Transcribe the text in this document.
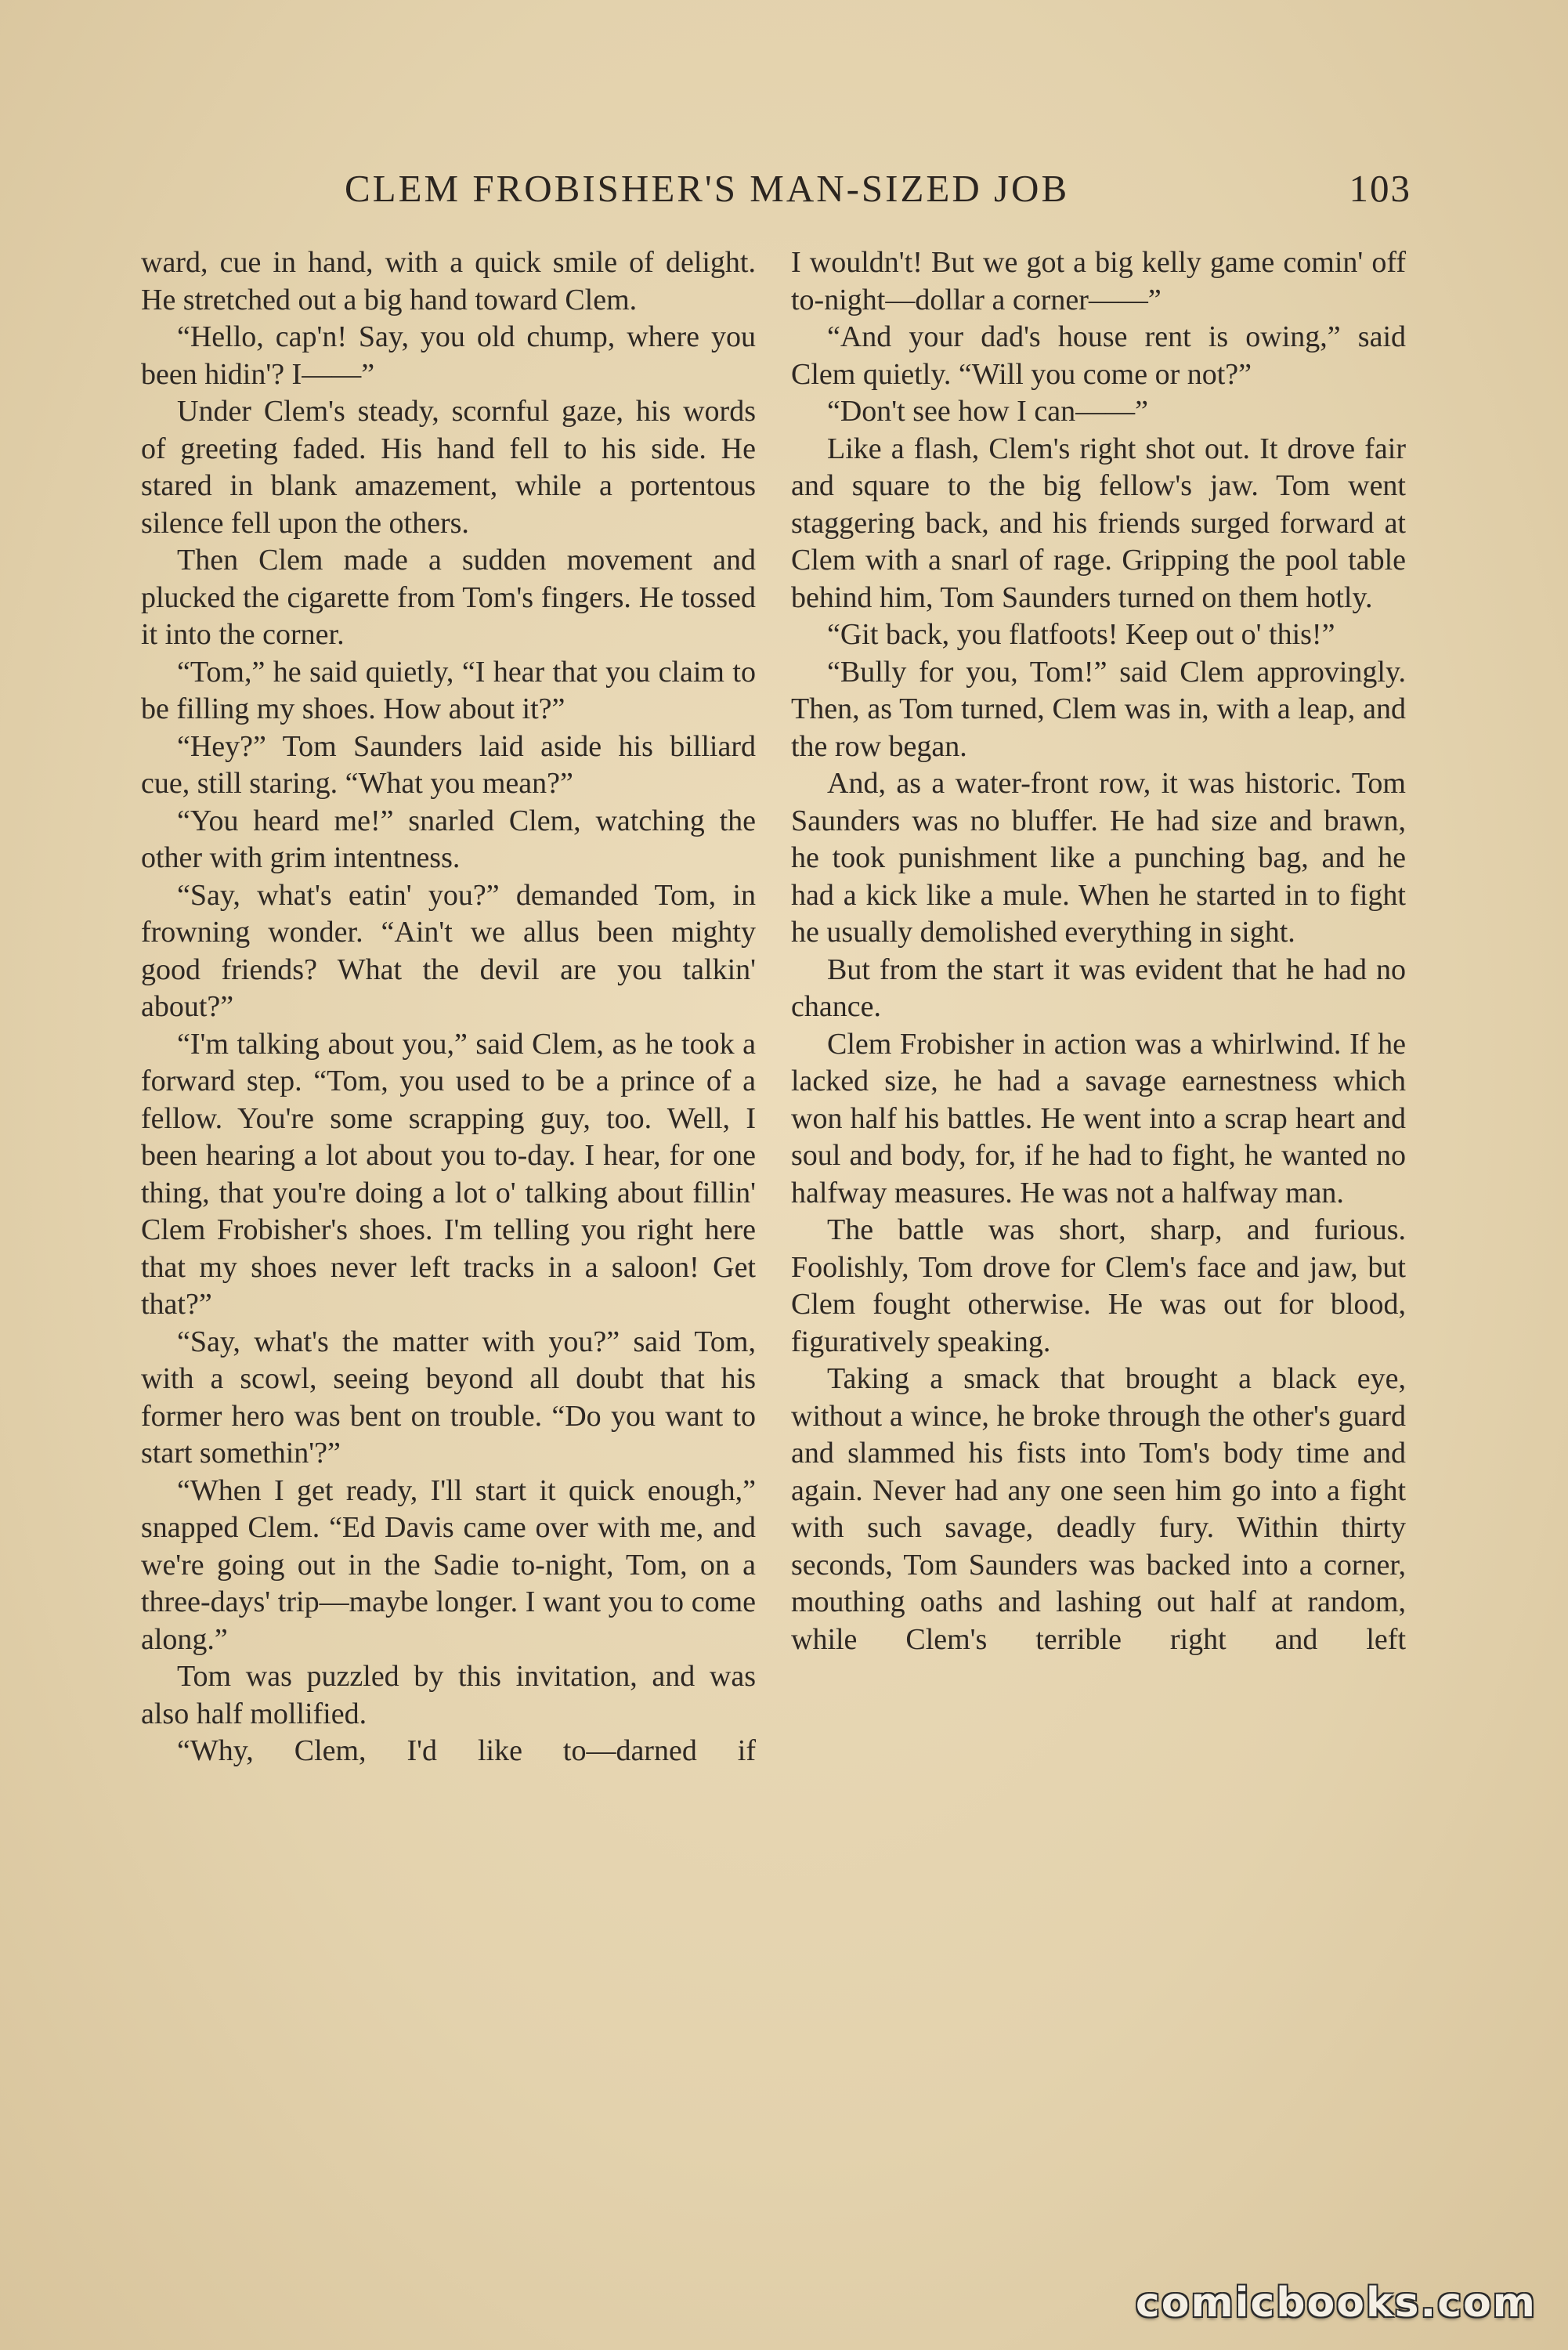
CLEM FROBISHER'S MAN-SIZED JOB	103

ward, cue in hand, with a quick smile of delight. He stretched out a big hand toward Clem.

“Hello, cap'n! Say, you old chump, where you been hidin'? I——”

Under Clem's steady, scornful gaze, his words of greeting faded. His hand fell to his side. He stared in blank amazement, while a portentous silence fell upon the others.

Then Clem made a sudden movement and plucked the cigarette from Tom's fingers. He tossed it into the corner.

“Tom,” he said quietly, “I hear that you claim to be filling my shoes. How about it?”

“Hey?” Tom Saunders laid aside his billiard cue, still staring. “What you mean?”

“You heard me!” snarled Clem, watching the other with grim intentness.

“Say, what's eatin' you?” demanded Tom, in frowning wonder. “Ain't we allus been mighty good friends? What the devil are you talkin' about?”

“I'm talking about you,” said Clem, as he took a forward step. “Tom, you used to be a prince of a fellow. You're some scrapping guy, too. Well, I been hearing a lot about you to-day. I hear, for one thing, that you're doing a lot o' talking about fillin' Clem Frobisher's shoes. I'm telling you right here that my shoes never left tracks in a saloon! Get that?”

“Say, what's the matter with you?” said Tom, with a scowl, seeing beyond all doubt that his former hero was bent on trouble. “Do you want to start somethin'?”

“When I get ready, I'll start it quick enough,” snapped Clem. “Ed Davis came over with me, and we're going out in the Sadie to-night, Tom, on a three-days' trip—maybe longer. I want you to come along.”

Tom was puzzled by this invitation, and was also half mollified.

“Why, Clem, I'd like to—darned if

I wouldn't! But we got a big kelly game comin' off to-night—dollar a corner——”

“And your dad's house rent is owing,” said Clem quietly. “Will you come or not?”

“Don't see how I can——”

Like a flash, Clem's right shot out. It drove fair and square to the big fellow's jaw. Tom went staggering back, and his friends surged forward at Clem with a snarl of rage. Gripping the pool table behind him, Tom Saunders turned on them hotly.

“Git back, you flatfoots! Keep out o' this!”

“Bully for you, Tom!” said Clem approvingly. Then, as Tom turned, Clem was in, with a leap, and the row began.

And, as a water-front row, it was historic. Tom Saunders was no bluffer. He had size and brawn, he took punishment like a punching bag, and he had a kick like a mule. When he started in to fight he usually demolished everything in sight.

But from the start it was evident that he had no chance.

Clem Frobisher in action was a whirlwind. If he lacked size, he had a savage earnestness which won half his battles. He went into a scrap heart and soul and body, for, if he had to fight, he wanted no halfway measures. He was not a halfway man.

The battle was short, sharp, and furious. Foolishly, Tom drove for Clem's face and jaw, but Clem fought otherwise. He was out for blood, figuratively speaking.

Taking a smack that brought a black eye, without a wince, he broke through the other's guard and slammed his fists into Tom's body time and again. Never had any one seen him go into a fight with such savage, deadly fury. Within thirty seconds, Tom Saunders was backed into a corner, mouthing oaths and lashing out half at random, while Clem's terrible right and left

comicbooks.com
